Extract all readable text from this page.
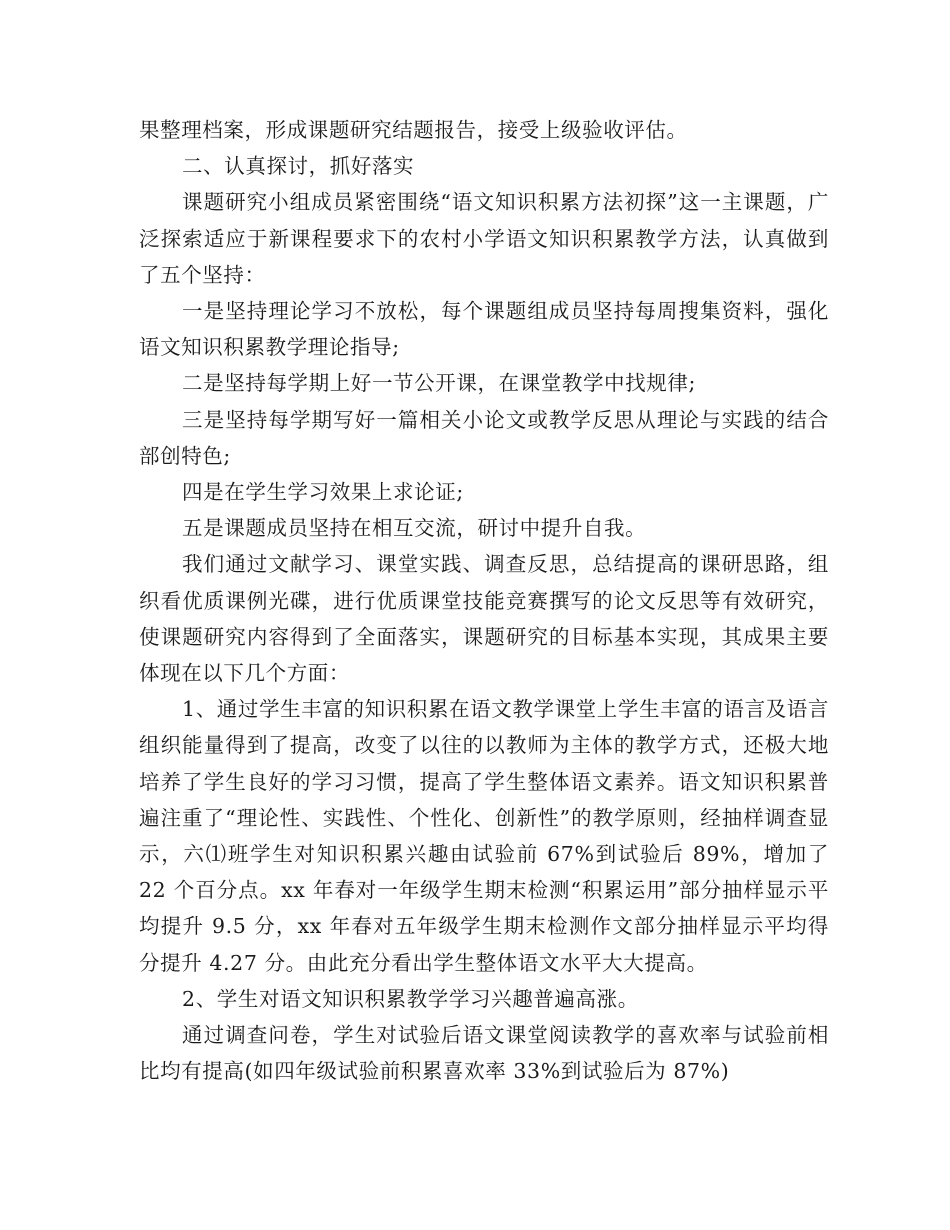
果整理档案，形成课题研究结题报告，接受上级验收评估。

二、认真探讨，抓好落实

课题研究小组成员紧密围绕“语文知识积累方法初探”这一主课题，广泛探索适应于新课程要求下的农村小学语文知识积累教学方法，认真做到了五个坚持：

一是坚持理论学习不放松，每个课题组成员坚持每周搜集资料，强化语文知识积累教学理论指导;

二是坚持每学期上好一节公开课，在课堂教学中找规律;

三是坚持每学期写好一篇相关小论文或教学反思从理论与实践的结合部创特色;

四是在学生学习效果上求论证;

五是课题成员坚持在相互交流，研讨中提升自我。

我们通过文献学习、课堂实践、调查反思，总结提高的课研思路，组织看优质课例光碟，进行优质课堂技能竞赛撰写的论文反思等有效研究，使课题研究内容得到了全面落实，课题研究的目标基本实现，其成果主要体现在以下几个方面：

1、通过学生丰富的知识积累在语文教学课堂上学生丰富的语言及语言组织能量得到了提高，改变了以往的以教师为主体的教学方式，还极大地培养了学生良好的学习习惯，提高了学生整体语文素养。语文知识积累普遍注重了“理论性、实践性、个性化、创新性”的教学原则，经抽样调查显示，六⑴班学生对知识积累兴趣由试验前 67%到试验后 89%，增加了 22 个百分点。xx 年春对一年级学生期末检测“积累运用”部分抽样显示平均提升 9.5 分，xx 年春对五年级学生期末检测作文部分抽样显示平均得分提升 4.27 分。由此充分看出学生整体语文水平大大提高。

2、学生对语文知识积累教学学习兴趣普遍高涨。

通过调查问卷，学生对试验后语文课堂阅读教学的喜欢率与试验前相比均有提高(如四年级试验前积累喜欢率 33%到试验后为 87%)
